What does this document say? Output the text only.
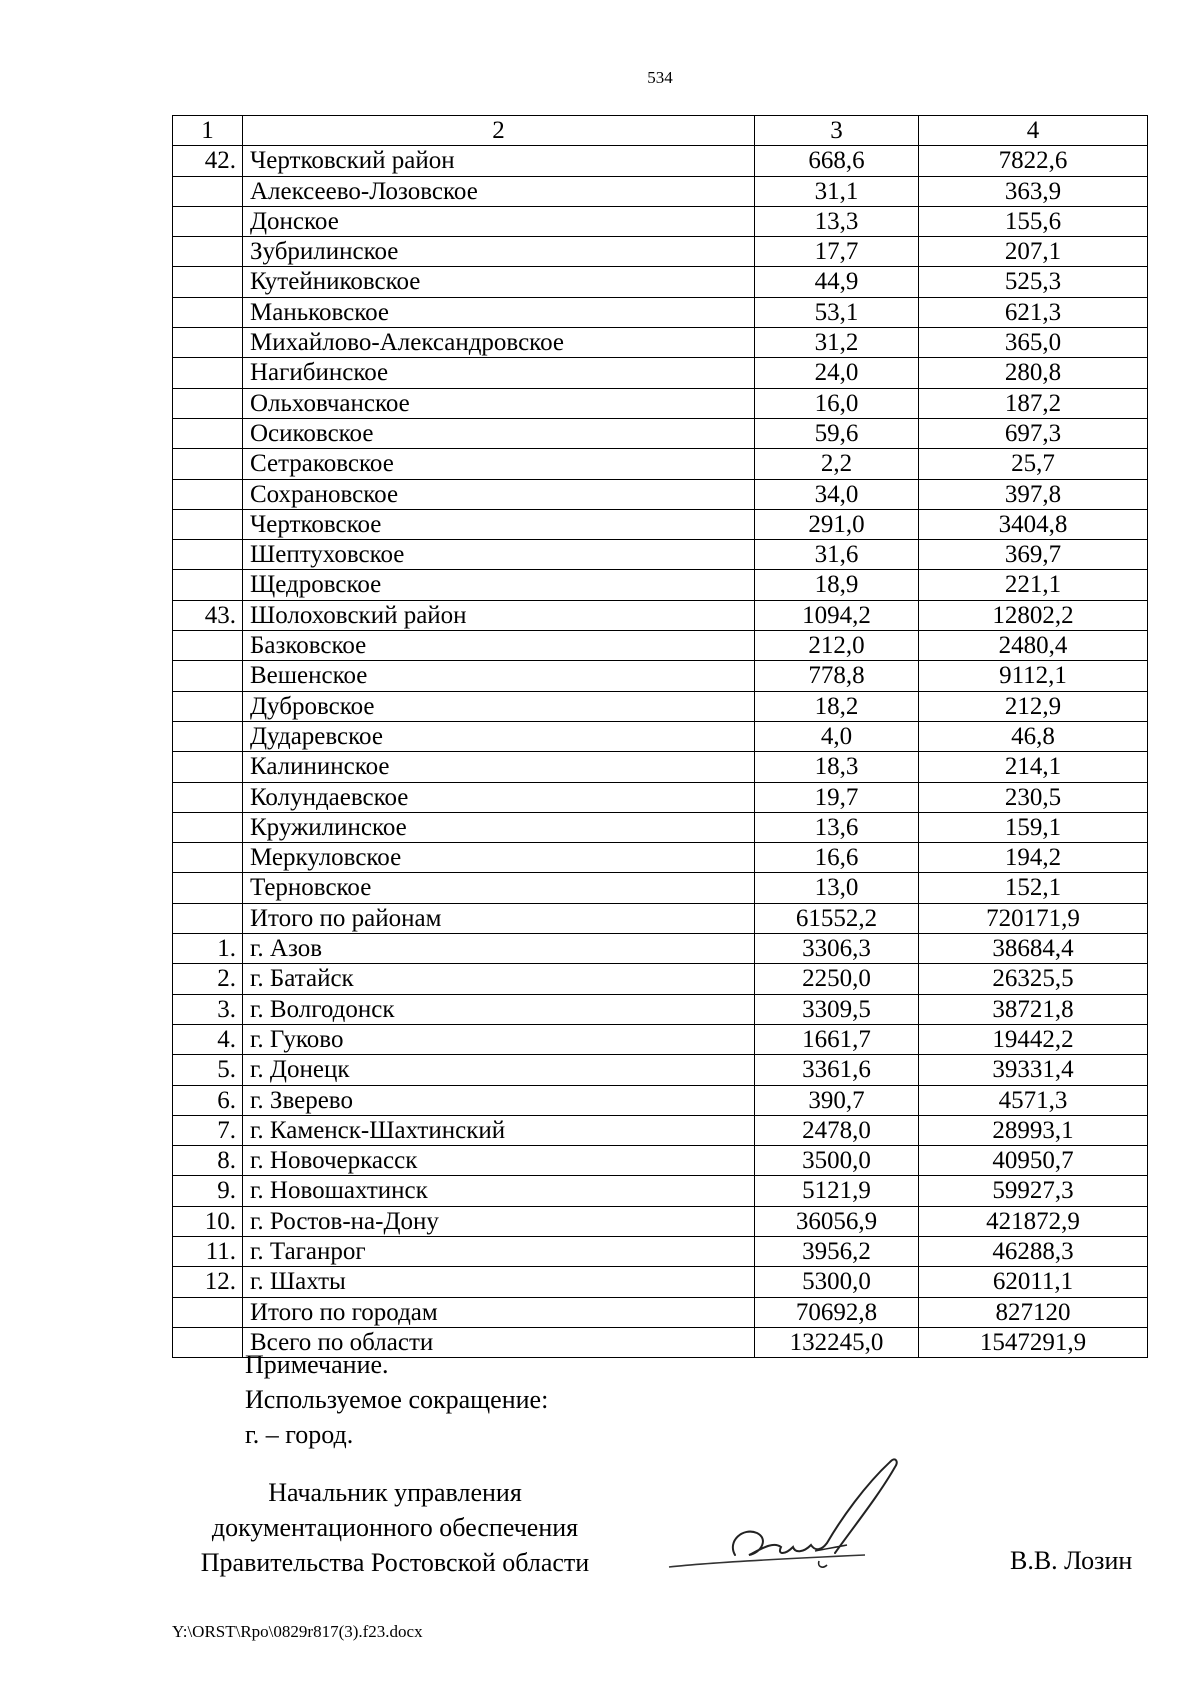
534
1	2	3	4
42.	Чертковский район	668,6	7822,6
	Алексеево-Лозовское	31,1	363,9
	Донское	13,3	155,6
	Зубрилинское	17,7	207,1
	Кутейниковское	44,9	525,3
	Маньковское	53,1	621,3
	Михайлово-Александровское	31,2	365,0
	Нагибинское	24,0	280,8
	Ольховчанское	16,0	187,2
	Осиковское	59,6	697,3
	Сетраковское	2,2	25,7
	Сохрановское	34,0	397,8
	Чертковское	291,0	3404,8
	Шептуховское	31,6	369,7
	Щедровское	18,9	221,1
43.	Шолоховский район	1094,2	12802,2
	Базковское	212,0	2480,4
	Вешенское	778,8	9112,1
	Дубровское	18,2	212,9
	Дударевское	4,0	46,8
	Калининское	18,3	214,1
	Колундаевское	19,7	230,5
	Кружилинское	13,6	159,1
	Меркуловское	16,6	194,2
	Терновское	13,0	152,1
	Итого по районам	61552,2	720171,9
1.	г. Азов	3306,3	38684,4
2.	г. Батайск	2250,0	26325,5
3.	г. Волгодонск	3309,5	38721,8
4.	г. Гуково	1661,7	19442,2
5.	г. Донецк	3361,6	39331,4
6.	г. Зверево	390,7	4571,3
7.	г. Каменск-Шахтинский	2478,0	28993,1
8.	г. Новочеркасск	3500,0	40950,7
9.	г. Новошахтинск	5121,9	59927,3
10.	г. Ростов-на-Дону	36056,9	421872,9
11.	г. Таганрог	3956,2	46288,3
12.	г. Шахты	5300,0	62011,1
	Итого по городам	70692,8	827120
	Всего по области	132245,0	1547291,9
Примечание.
Используемое сокращение:
г. – город.
Начальник управления
документационного обеспечения
Правительства Ростовской области	В.В. Лозин
Y:\ORST\Rpo\0829r817(3).f23.docx
